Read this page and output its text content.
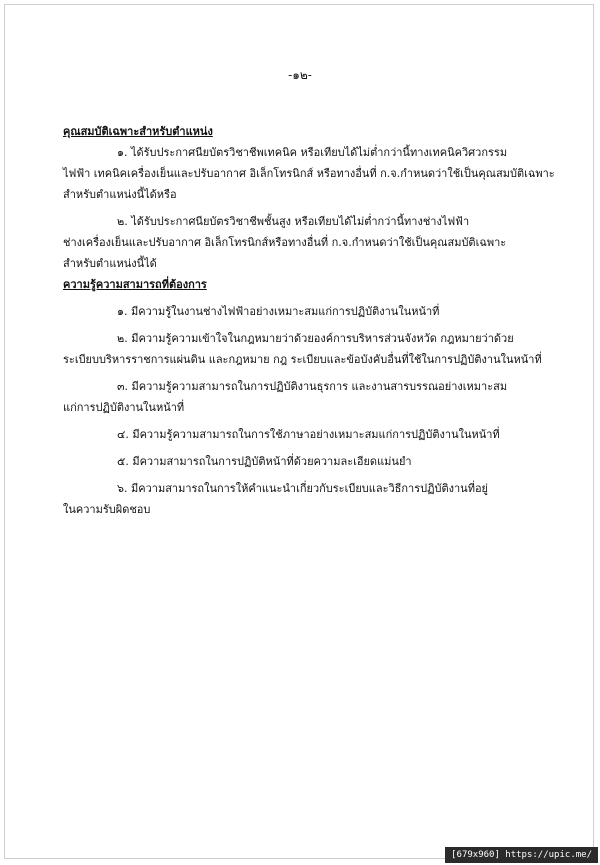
-๑๒-
คุณสมบัติเฉพาะสำหรับตำแหน่ง
๑. ได้รับประกาศนียบัตรวิชาชีพเทคนิค หรือเทียบได้ไม่ต่ำกว่านี้ทางเทคนิควิศวกรรม
ไฟฟ้า เทคนิคเครื่องเย็นและปรับอากาศ อิเล็กโทรนิกส์ หรือทางอื่นที่ ก.จ.กำหนดว่าใช้เป็นคุณสมบัติเฉพาะ
สำหรับตำแหน่งนี้ได้หรือ
๒. ได้รับประกาศนียบัตรวิชาชีพชั้นสูง หรือเทียบได้ไม่ต่ำกว่านี้ทางช่างไฟฟ้า
ช่างเครื่องเย็นและปรับอากาศ อิเล็กโทรนิกส์หรือทางอื่นที่ ก.จ.กำหนดว่าใช้เป็นคุณสมบัติเฉพาะ
สำหรับตำแหน่งนี้ได้
ความรู้ความสามารถที่ต้องการ
๑. มีความรู้ในงานช่างไฟฟ้าอย่างเหมาะสมแก่การปฏิบัติงานในหน้าที่
๒. มีความรู้ความเข้าใจในกฎหมายว่าด้วยองค์การบริหารส่วนจังหวัด กฎหมายว่าด้วย
ระเบียบบริหารราชการแผ่นดิน และกฎหมาย กฎ ระเบียบและข้อบังคับอื่นที่ใช้ในการปฏิบัติงานในหน้าที่
๓. มีความรู้ความสามารถในการปฏิบัติงานธุรการ และงานสารบรรณอย่างเหมาะสม
แก่การปฏิบัติงานในหน้าที่
๔. มีความรู้ความสามารถในการใช้ภาษาอย่างเหมาะสมแก่การปฏิบัติงานในหน้าที่
๕. มีความสามารถในการปฏิบัติหน้าที่ด้วยความละเอียดแม่นยำ
๖. มีความสามารถในการให้คำแนะนำเกี่ยวกับระเบียบและวิธีการปฏิบัติงานที่อยู่
ในความรับผิดชอบ
[679x960] https://upic.me/
